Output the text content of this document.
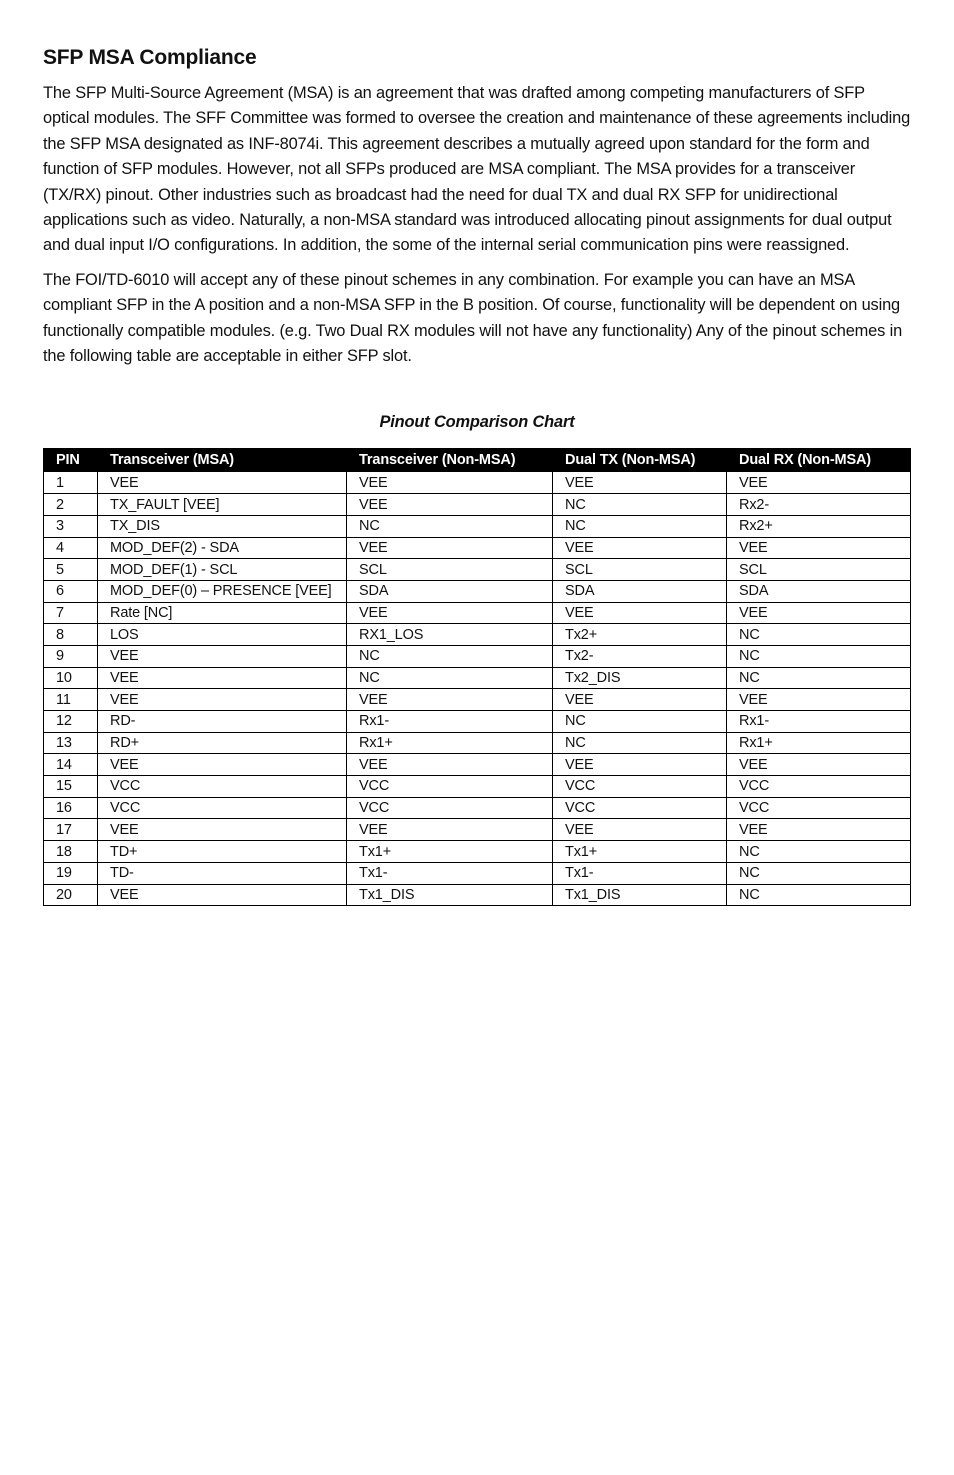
SFP MSA Compliance

The SFP Multi-Source Agreement (MSA) is an agreement that was drafted among competing manufacturers of SFP optical modules. The SFF Committee was formed to oversee the creation and maintenance of these agreements including the SFP MSA designated as INF-8074i. This agreement describes a mutually agreed upon standard for the form and function of SFP modules. However, not all SFPs produced are MSA compliant. The MSA provides for a transceiver (TX/RX) pinout. Other industries such as broadcast had the need for dual TX and dual RX SFP for unidirectional applications such as video. Naturally, a non-MSA standard was introduced allocating pinout assignments for dual output and dual input I/O configurations. In addition, the some of the internal serial communication pins were reassigned.

The FOI/TD-6010 will accept any of these pinout schemes in any combination. For example you can have an MSA compliant SFP in the A position and a non-MSA SFP in the B position. Of course, functionality will be dependent on using functionally compatible modules. (e.g. Two Dual RX modules will not have any functionality) Any of the pinout schemes in the following table are acceptable in either SFP slot.

Pinout Comparison Chart
PIN	Transceiver (MSA)	Transceiver (Non-MSA)	Dual TX (Non-MSA)	Dual RX (Non-MSA)
1	VEE	VEE	VEE	VEE
2	TX_FAULT [VEE]	VEE	NC	Rx2-
3	TX_DIS	NC	NC	Rx2+
4	MOD_DEF(2) - SDA	VEE	VEE	VEE
5	MOD_DEF(1) - SCL	SCL	SCL	SCL
6	MOD_DEF(0) – PRESENCE [VEE]	SDA	SDA	SDA
7	Rate [NC]	VEE	VEE	VEE
8	LOS	RX1_LOS	Tx2+	NC
9	VEE	NC	Tx2-	NC
10	VEE	NC	Tx2_DIS	NC
11	VEE	VEE	VEE	VEE
12	RD-	Rx1-	NC	Rx1-
13	RD+	Rx1+	NC	Rx1+
14	VEE	VEE	VEE	VEE
15	VCC	VCC	VCC	VCC
16	VCC	VCC	VCC	VCC
17	VEE	VEE	VEE	VEE
18	TD+	Tx1+	Tx1+	NC
19	TD-	Tx1-	Tx1-	NC
20	VEE	Tx1_DIS	Tx1_DIS	NC
